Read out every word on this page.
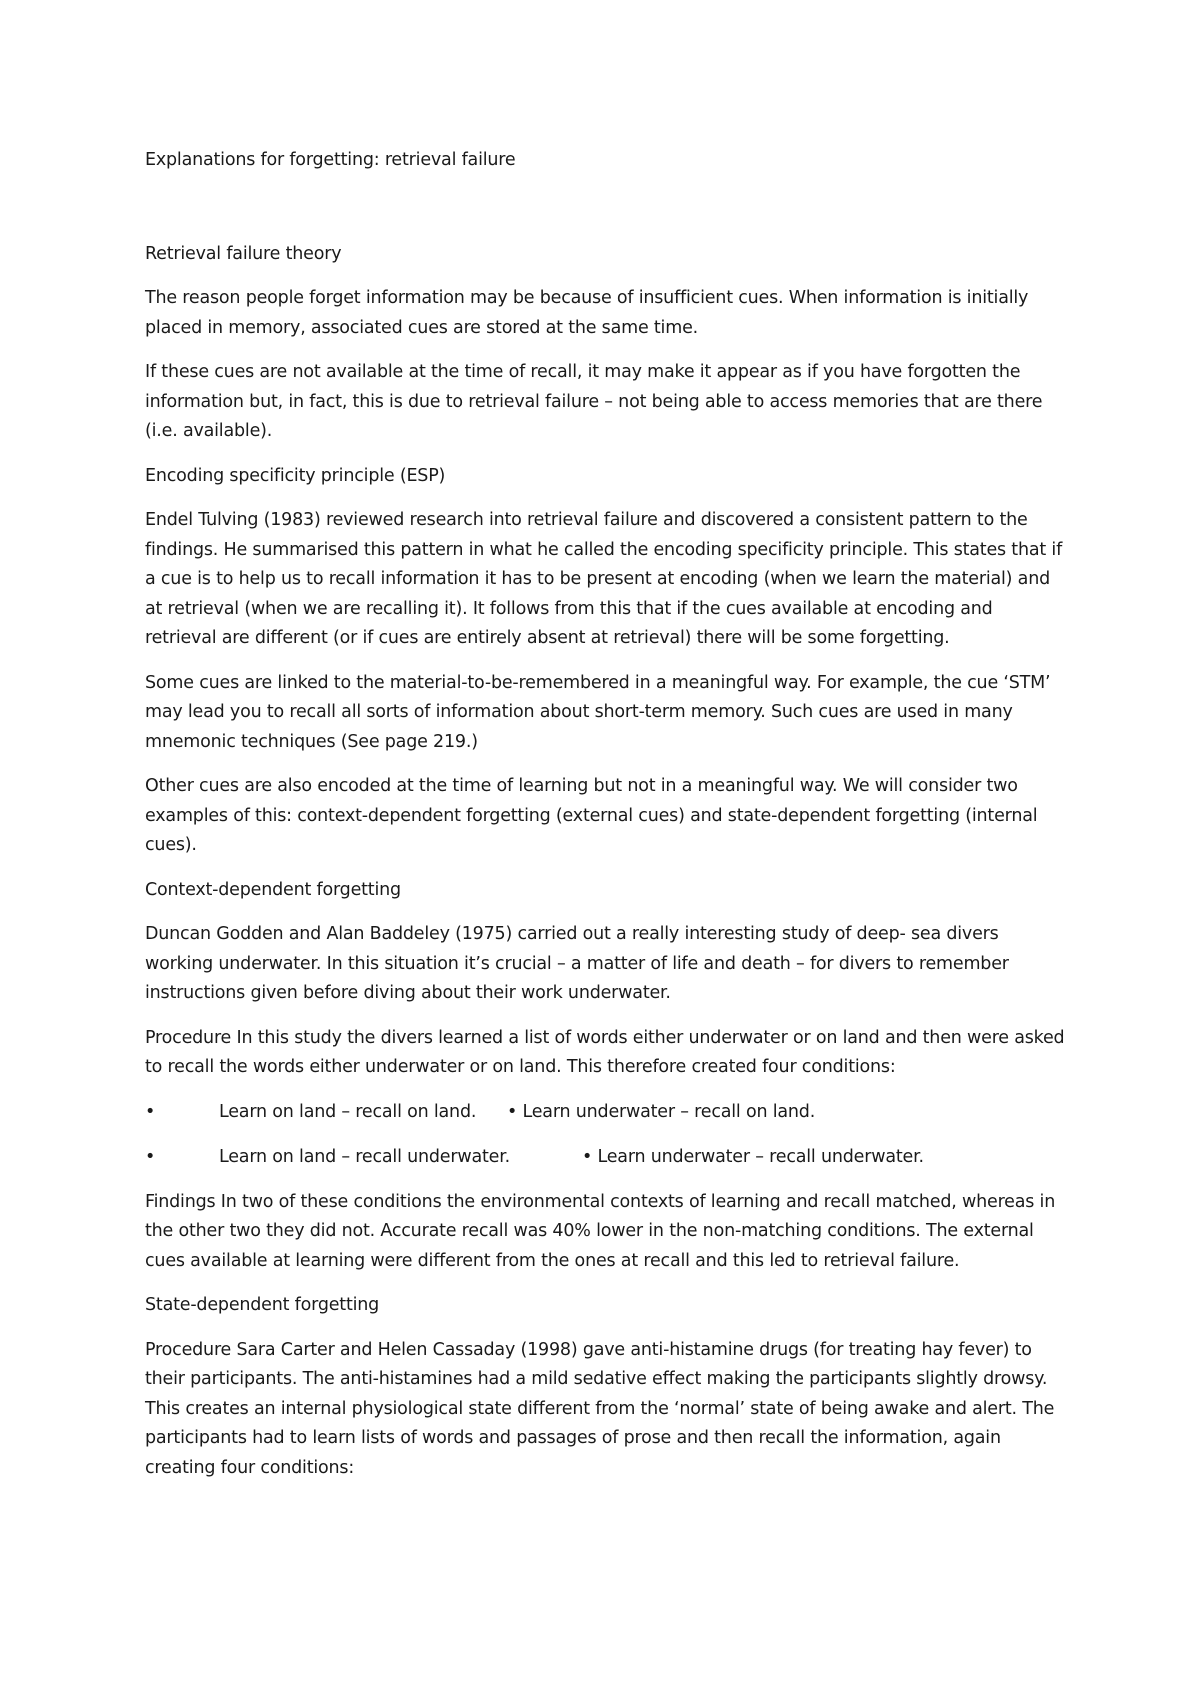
Explanations for forgetting: retrieval failure
Retrieval failure theory

The reason people forget information may be because of insufficient cues. When information is initially placed in memory, associated cues are stored at the same time.

If these cues are not available at the time of recall, it may make it appear as if you have forgotten the information but, in fact, this is due to retrieval failure – not being able to access memories that are there (i.e. available).

Encoding specificity principle (ESP)

Endel Tulving (1983) reviewed research into retrieval failure and discovered a consistent pattern to the findings. He summarised this pattern in what he called the encoding specificity principle. This states that if a cue is to help us to recall information it has to be present at encoding (when we learn the material) and at retrieval (when we are recalling it). It follows from this that if the cues available at encoding and retrieval are different (or if cues are entirely absent at retrieval) there will be some forgetting.

Some cues are linked to the material-to-be-remembered in a meaningful way. For example, the cue ‘STM’ may lead you to recall all sorts of information about short-term memory. Such cues are used in many mnemonic techniques (See page 219.)

Other cues are also encoded at the time of learning but not in a meaningful way. We will consider two examples of this: context-dependent forgetting (external cues) and state-dependent forgetting (internal cues).

Context-dependent forgetting

Duncan Godden and Alan Baddeley (1975) carried out a really interesting study of deep- sea divers working underwater. In this situation it’s crucial – a matter of life and death – for divers to remember instructions given before diving about their work underwater.

Procedure In this study the divers learned a list of words either underwater or on land and then were asked to recall the words either underwater or on land. This therefore created four conditions:

•	Learn on land – recall on land. • Learn underwater – recall on land.
•	Learn on land – recall underwater.	• Learn underwater – recall underwater.

Findings In two of these conditions the environmental contexts of learning and recall matched, whereas in the other two they did not. Accurate recall was 40% lower in the non-matching conditions. The external cues available at learning were different from the ones at recall and this led to retrieval failure.

State-dependent forgetting

Procedure Sara Carter and Helen Cassaday (1998) gave anti-histamine drugs (for treating hay fever) to their participants. The anti-histamines had a mild sedative effect making the participants slightly drowsy. This creates an internal physiological state different from the ‘normal’ state of being awake and alert. The participants had to learn lists of words and passages of prose and then recall the information, again creating four conditions:
